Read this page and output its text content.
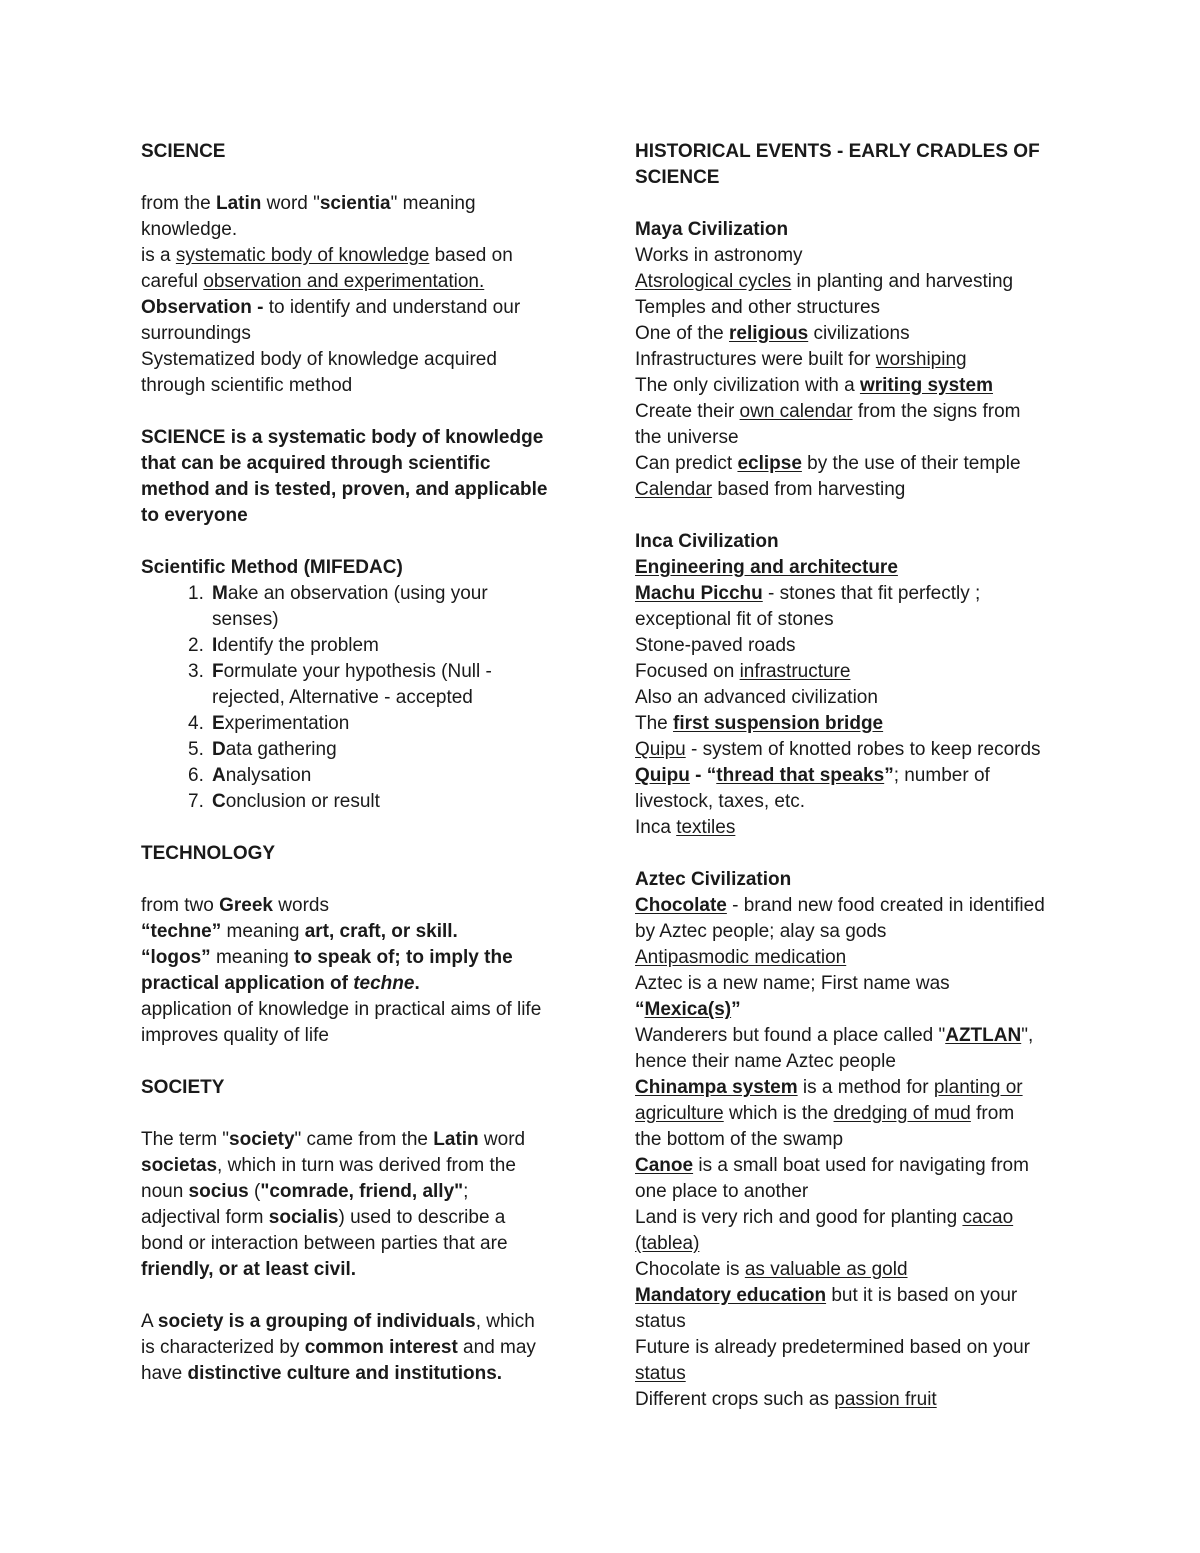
SCIENCE
from the Latin word "scientia" meaning
knowledge.
is a systematic body of knowledge based on
careful observation and experimentation.
Observation - to identify and understand our
surroundings
Systematized body of knowledge acquired
through scientific method
SCIENCE is a systematic body of knowledge
that can be acquired through scientific
method and is tested, proven, and applicable
to everyone
Scientific Method (MIFEDAC)
1. Make an observation (using your
senses)
2. Identify the problem
3. Formulate your hypothesis (Null -
rejected, Alternative - accepted
4. Experimentation
5. Data gathering
6. Analysation
7. Conclusion or result
TECHNOLOGY
from two Greek words
“techne” meaning art, craft, or skill.
“logos” meaning to speak of; to imply the
practical application of techne.
application of knowledge in practical aims of life
improves quality of life
SOCIETY
The term "society" came from the Latin word
societas, which in turn was derived from the
noun socius ("comrade, friend, ally";
adjectival form socialis) used to describe a
bond or interaction between parties that are
friendly, or at least civil.
A society is a grouping of individuals, which
is characterized by common interest and may
have distinctive culture and institutions.
HISTORICAL EVENTS - EARLY CRADLES OF
SCIENCE
Maya Civilization
Works in astronomy
Atsrological cycles in planting and harvesting
Temples and other structures
One of the religious civilizations
Infrastructures were built for worshiping
The only civilization with a writing system
Create their own calendar from the signs from
the universe
Can predict eclipse by the use of their temple
Calendar based from harvesting
Inca Civilization
Engineering and architecture
Machu Picchu - stones that fit perfectly ;
exceptional fit of stones
Stone-paved roads
Focused on infrastructure
Also an advanced civilization
The first suspension bridge
Quipu - system of knotted robes to keep records
Quipu - “thread that speaks”; number of
livestock, taxes, etc.
Inca textiles
Aztec Civilization
Chocolate - brand new food created in identified
by Aztec people; alay sa gods
Antipasmodic medication
Aztec is a new name; First name was
“Mexica(s)”
Wanderers but found a place called "AZTLAN",
hence their name Aztec people
Chinampa system is a method for planting or
agriculture which is the dredging of mud from
the bottom of the swamp
Canoe is a small boat used for navigating from
one place to another
Land is very rich and good for planting cacao
(tablea)
Chocolate is as valuable as gold
Mandatory education but it is based on your
status
Future is already predetermined based on your
status
Different crops such as passion fruit
